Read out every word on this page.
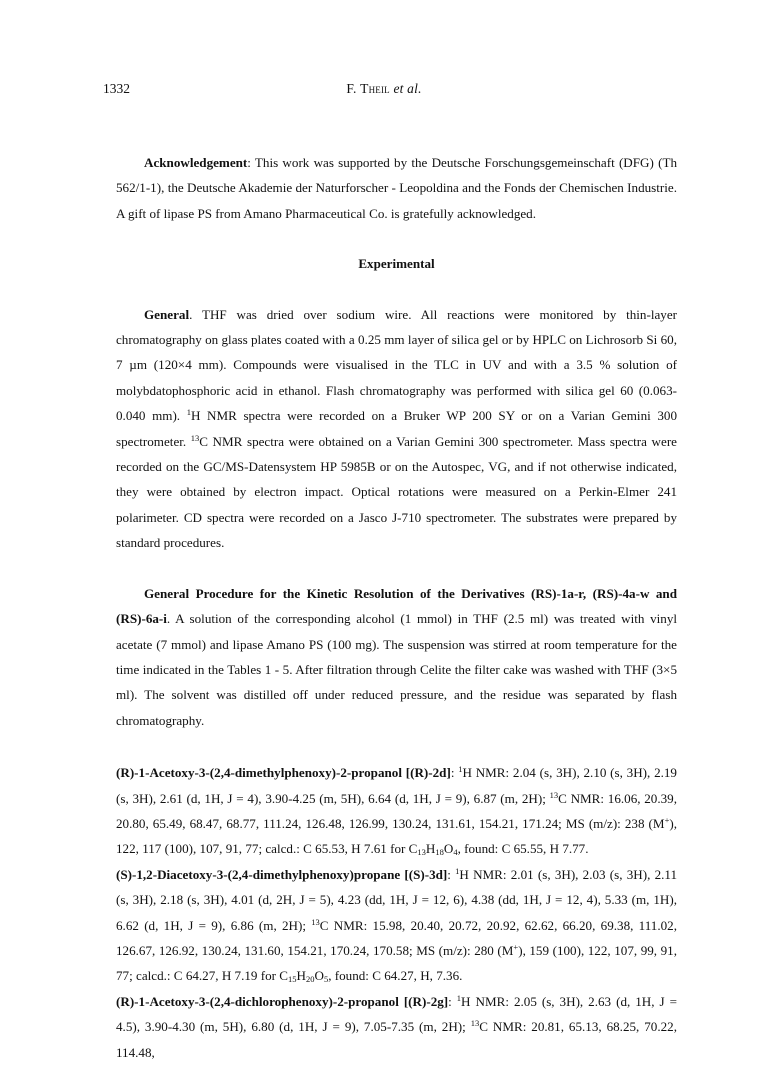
1332	F. Theil et al.

Acknowledgement: This work was supported by the Deutsche Forschungsgemeinschaft (DFG) (Th 562/1-1), the Deutsche Akademie der Naturforscher - Leopoldina and the Fonds der Chemischen Industrie. A gift of lipase PS from Amano Pharmaceutical Co. is gratefully acknowledged.

Experimental

General. THF was dried over sodium wire. All reactions were monitored by thin-layer chromatography on glass plates coated with a 0.25 mm layer of silica gel or by HPLC on Lichrosorb Si 60, 7 µm (120×4 mm). Compounds were visualised in the TLC in UV and with a 3.5 % solution of molybdatophosphoric acid in ethanol. Flash chromatography was performed with silica gel 60 (0.063-0.040 mm). $^1$H NMR spectra were recorded on a Bruker WP 200 SY or on a Varian Gemini 300 spectrometer. $^{13}$C NMR spectra were obtained on a Varian Gemini 300 spectrometer. Mass spectra were recorded on the GC/MS-Datensystem HP 5985B or on the Autospec, VG, and if not otherwise indicated, they were obtained by electron impact. Optical rotations were measured on a Perkin-Elmer 241 polarimeter. CD spectra were recorded on a Jasco J-710 spectrometer. The substrates were prepared by standard procedures.

General Procedure for the Kinetic Resolution of the Derivatives (RS)-1a-r, (RS)-4a-w and (RS)-6a-i. A solution of the corresponding alcohol (1 mmol) in THF (2.5 ml) was treated with vinyl acetate (7 mmol) and lipase Amano PS (100 mg). The suspension was stirred at room temperature for the time indicated in the Tables 1 - 5. After filtration through Celite the filter cake was washed with THF (3×5 ml). The solvent was distilled off under reduced pressure, and the residue was separated by flash chromatography.

(R)-1-Acetoxy-3-(2,4-dimethylphenoxy)-2-propanol [(R)-2d]: $^1$H NMR: 2.04 (s, 3H), 2.10 (s, 3H), 2.19 (s, 3H), 2.61 (d, 1H, J = 4), 3.90-4.25 (m, 5H), 6.64 (d, 1H, J = 9), 6.87 (m, 2H); $^{13}$C NMR: 16.06, 20.39, 20.80, 65.49, 68.47, 68.77, 111.24, 126.48, 126.99, 130.24, 131.61, 154.21, 171.24; MS (m/z): 238 (M+), 122, 117 (100), 107, 91, 77; calcd.: C 65.53, H 7.61 for $C_{13}H_{18}O_4$, found: C 65.55, H 7.77.

(S)-1,2-Diacetoxy-3-(2,4-dimethylphenoxy)propane [(S)-3d]: $^1$H NMR: 2.01 (s, 3H), 2.03 (s, 3H), 2.11 (s, 3H), 2.18 (s, 3H), 4.01 (d, 2H, J = 5), 4.23 (dd, 1H, J = 12, 6), 4.38 (dd, 1H, J = 12, 4), 5.33 (m, 1H), 6.62 (d, 1H, J = 9), 6.86 (m, 2H); $^{13}$C NMR: 15.98, 20.40, 20.72, 20.92, 62.62, 66.20, 69.38, 111.02, 126.67, 126.92, 130.24, 131.60, 154.21, 170.24, 170.58; MS (m/z): 280 (M+), 159 (100), 122, 107, 99, 91, 77; calcd.: C 64.27, H 7.19 for $C_{15}H_{20}O_5$, found: C 64.27, H, 7.36.

(R)-1-Acetoxy-3-(2,4-dichlorophenoxy)-2-propanol [(R)-2g]: $^1$H NMR: 2.05 (s, 3H), 2.63 (d, 1H, J = 4.5), 3.90-4.30 (m, 5H), 6.80 (d, 1H, J = 9), 7.05-7.35 (m, 2H); $^{13}$C NMR: 20.81, 65.13, 68.25, 70.22, 114.48,
